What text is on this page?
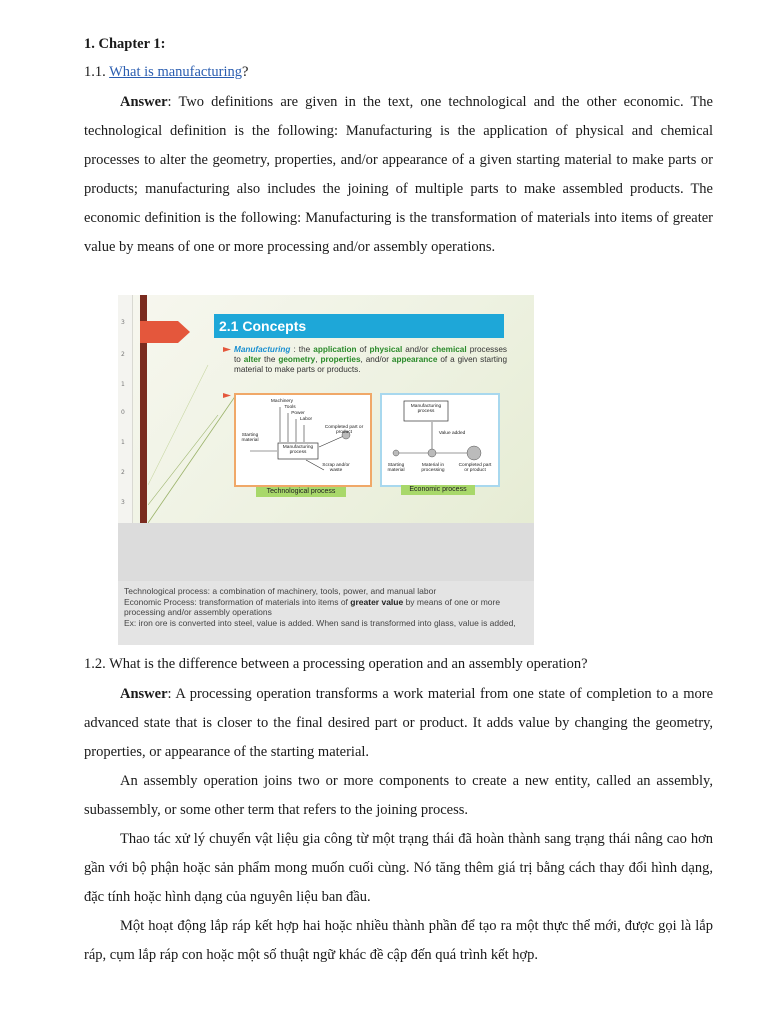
1. Chapter 1:
1.1. What is manufacturing?

Answer: Two definitions are given in the text, one technological and the other economic. The technological definition is the following: Manufacturing is the application of physical and chemical processes to alter the geometry, properties, and/or appearance of a given starting material to make parts or products; manufacturing also includes the joining of multiple parts to make assembled products. The economic definition is the following: Manufacturing is the transformation of materials into items of greater value by means of one or more processing and/or assembly operations.

3
2
1
0
1
2
3
2.1 Concepts
Manufacturing : the application of physical and/or chemical processes to alter the geometry, properties, and/or appearance of a given starting material to make parts or products.
Machinery
Tools
Power
Labor
Starting material
Manufacturing process
Completed part or product
Scrap and/or waste
Manufacturing process
Value added
Starting material
Material in processing
Completed part or product
Technological process	Economic process
Technological process: a combination of machinery, tools, power, and manual labor
Economic Process: transformation of materials into items of greater value by means of one or more processing and/or assembly operations
Ex: iron ore is converted into steel, value is added. When sand is transformed into glass, value is added,
1.2. What is the difference between a processing operation and an assembly operation?

Answer: A processing operation transforms a work material from one state of completion to a more advanced state that is closer to the final desired part or product. It adds value by changing the geometry, properties, or appearance of the starting material.

An assembly operation joins two or more components to create a new entity, called an assembly, subassembly, or some other term that refers to the joining process.

Thao tác xử lý chuyển vật liệu gia công từ một trạng thái đã hoàn thành sang trạng thái nâng cao hơn gần với bộ phận hoặc sản phẩm mong muốn cuối cùng. Nó tăng thêm giá trị bằng cách thay đổi hình dạng, đặc tính hoặc hình dạng của nguyên liệu ban đầu.

Một hoạt động lắp ráp kết hợp hai hoặc nhiều thành phần để tạo ra một thực thể mới, được gọi là lắp ráp, cụm lắp ráp con hoặc một số thuật ngữ khác đề cập đến quá trình kết hợp.
